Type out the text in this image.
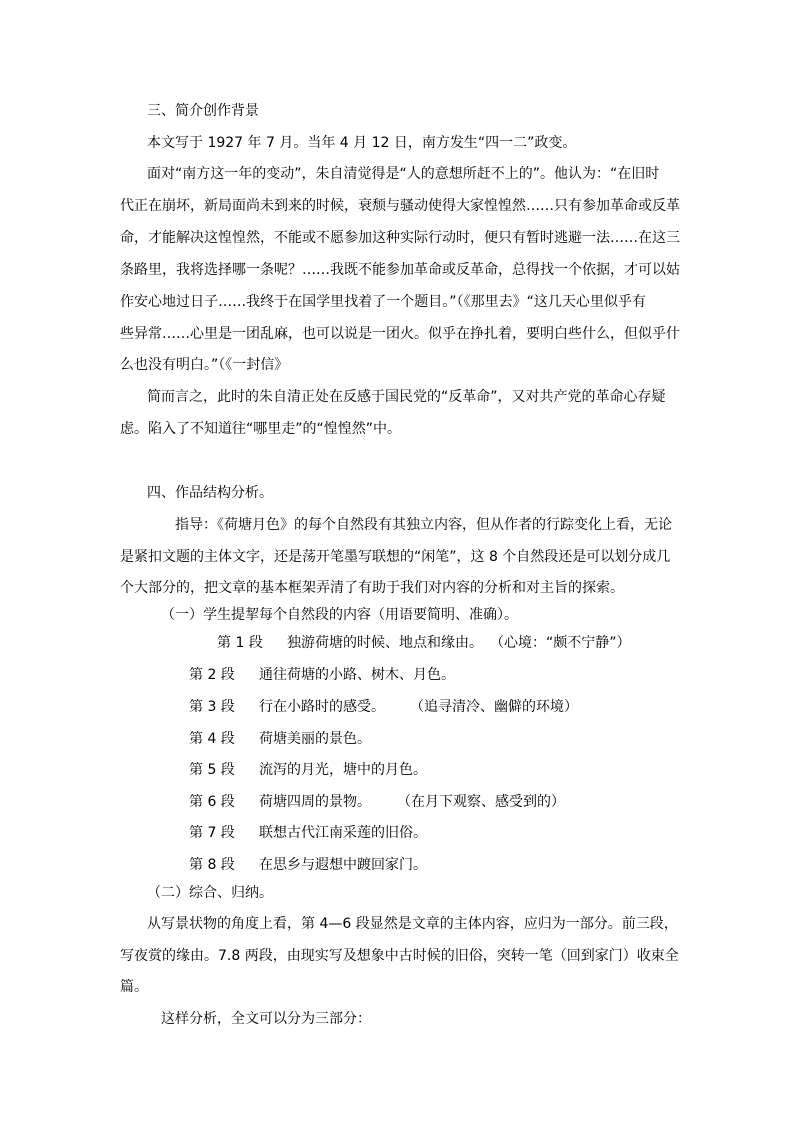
三、简介创作背景
本文写于 1927 年 7 月。当年 4 月 12 日，南方发生“四一二”政变。
面对“南方这一年的变动”，朱自清觉得是“人的意想所赶不上的”。他认为：“在旧时
代正在崩坏，新局面尚未到来的时候，衰颓与骚动使得大家惶惶然……只有参加革命或反革
命，才能解决这惶惶然，不能或不愿参加这种实际行动时，便只有暂时逃避一法……在这三
条路里，我将选择哪一条呢？……我既不能参加革命或反革命，总得找一个依据，才可以姑
作安心地过日子……我终于在国学里找着了一个题目。”（《那里去》“这几天心里似乎有
些异常……心里是一团乱麻，也可以说是一团火。似乎在挣扎着，要明白些什么，但似乎什
么也没有明白。”（《一封信》
简而言之，此时的朱自清正处在反感于国民党的“反革命”，又对共产党的革命心存疑
虑。陷入了不知道往“哪里走”的“惶惶然”中。
四、作品结构分析。
指导：《荷塘月色》的每个自然段有其独立内容，但从作者的行踪变化上看，无论
是紧扣文题的主体文字，还是荡开笔墨写联想的“闲笔”，这 8 个自然段还是可以划分成几
个大部分的，把文章的基本框架弄清了有助于我们对内容的分析和对主旨的探索。
（一）学生提挈每个自然段的内容（用语要简明、准确）。
第 1 段 独游荷塘的时候、地点和缘由。 （心境：“颇不宁静”）
第 2 段 通往荷塘的小路、树木、月色。
第 3 段 行在小路时的感受。 （追寻清冷、幽僻的环境）
第 4 段 荷塘美丽的景色。
第 5 段 流泻的月光，塘中的月色。
第 6 段 荷塘四周的景物。 （在月下观察、感受到的）
第 7 段 联想古代江南采莲的旧俗。
第 8 段 在思乡与遐想中踱回家门。
（二）综合、归纳。
从写景状物的角度上看，第 4—6 段显然是文章的主体内容，应归为一部分。前三段，
写夜赏的缘由。7.8 两段，由现实写及想象中古时候的旧俗，突转一笔（回到家门）收束全
篇。
这样分析，全文可以分为三部分：
